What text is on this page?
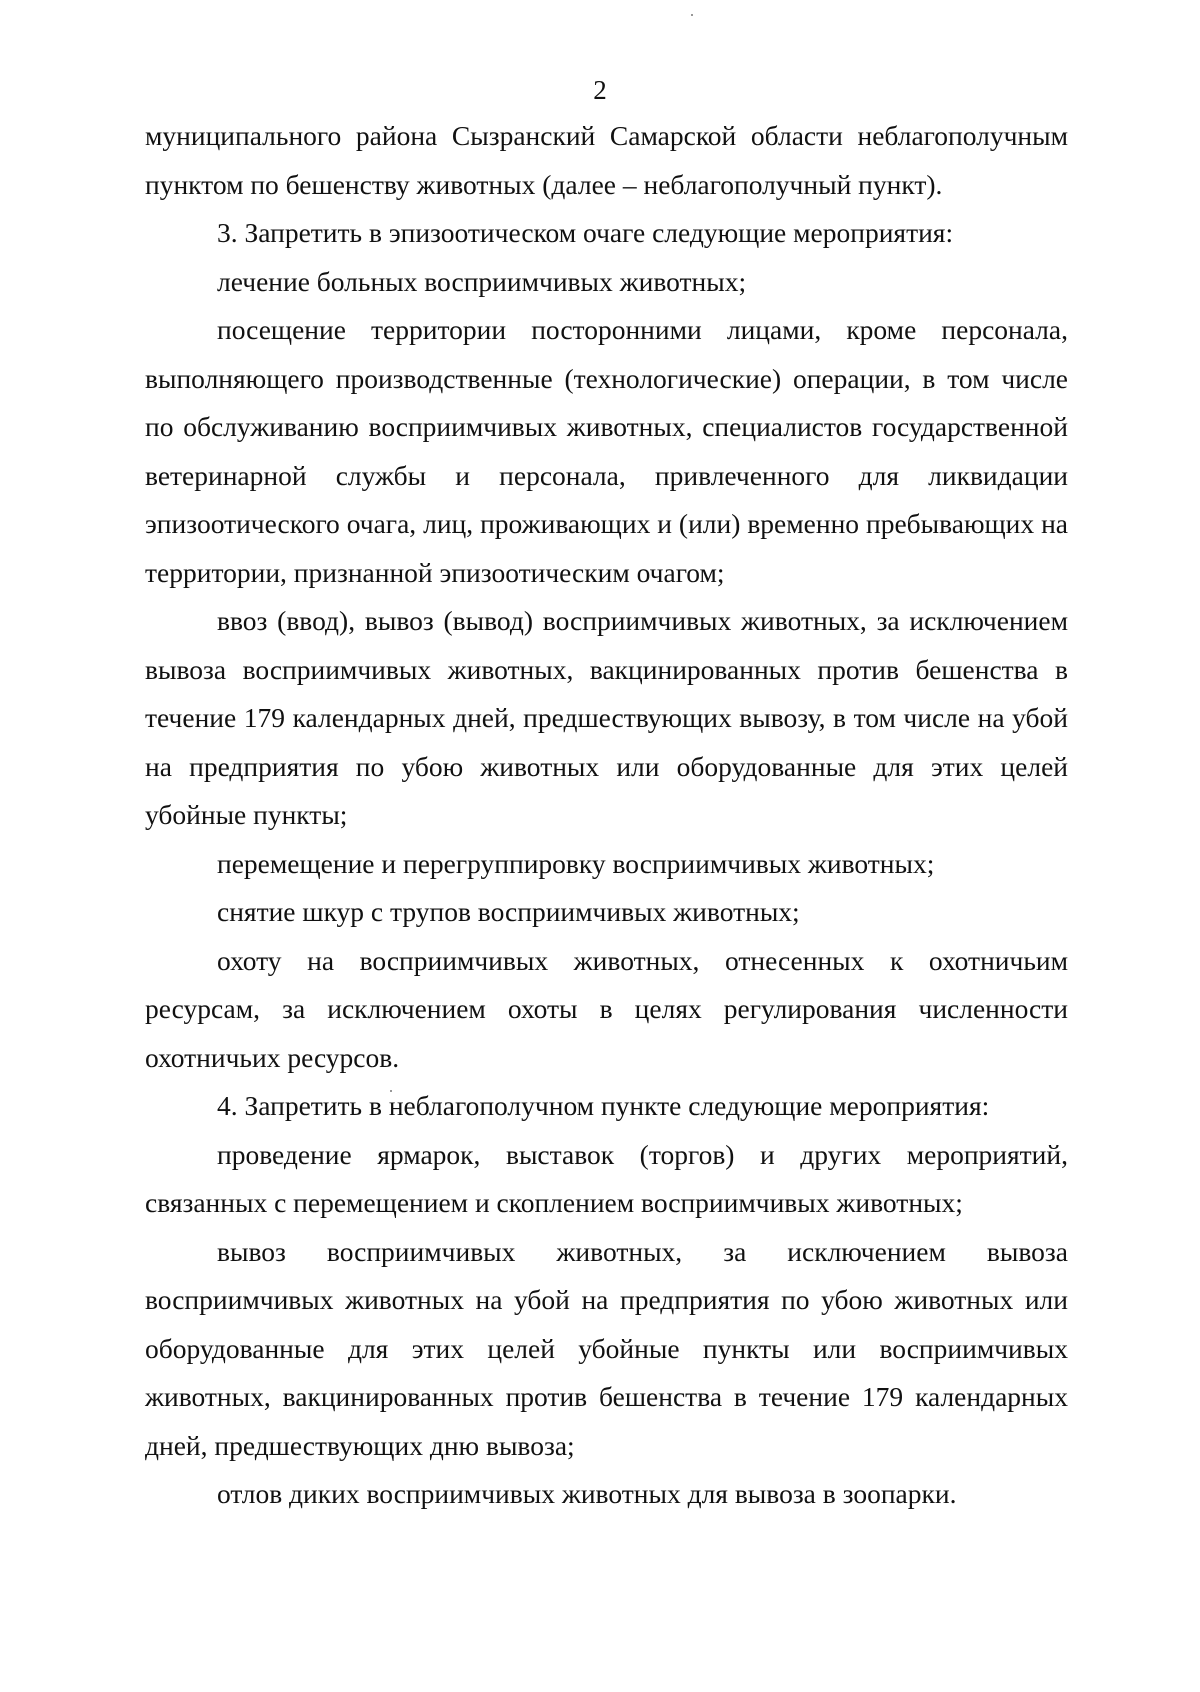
2

муниципального района Сызранский Самарской области неблагополучным пунктом по бешенству животных (далее – неблагополучный пункт).

3. Запретить в эпизоотическом очаге следующие мероприятия:

лечение больных восприимчивых животных;

посещение территории посторонними лицами, кроме персонала, выполняющего производственные (технологические) операции, в том числе по обслуживанию восприимчивых животных, специалистов государственной ветеринарной службы и персонала, привлеченного для ликвидации эпизоотического очага, лиц, проживающих и (или) временно пребывающих на территории, признанной эпизоотическим очагом;

ввоз (ввод), вывоз (вывод) восприимчивых животных, за исключением вывоза восприимчивых животных, вакцинированных против бешенства в течение 179 календарных дней, предшествующих вывозу, в том числе на убой на предприятия по убою животных или оборудованные для этих целей убойные пункты;

перемещение и перегруппировку восприимчивых животных;

снятие шкур с трупов восприимчивых животных;

охоту на восприимчивых животных, отнесенных к охотничьим ресурсам, за исключением охоты в целях регулирования численности охотничьих ресурсов.

4. Запретить в неблагополучном пункте следующие мероприятия:

проведение ярмарок, выставок (торгов) и других мероприятий, связанных с перемещением и скоплением восприимчивых животных;

вывоз восприимчивых животных, за исключением вывоза восприимчивых животных на убой на предприятия по убою животных или оборудованные для этих целей убойные пункты или восприимчивых животных, вакцинированных против бешенства в течение 179 календарных дней, предшествующих дню вывоза;

отлов диких восприимчивых животных для вывоза в зоопарки.
